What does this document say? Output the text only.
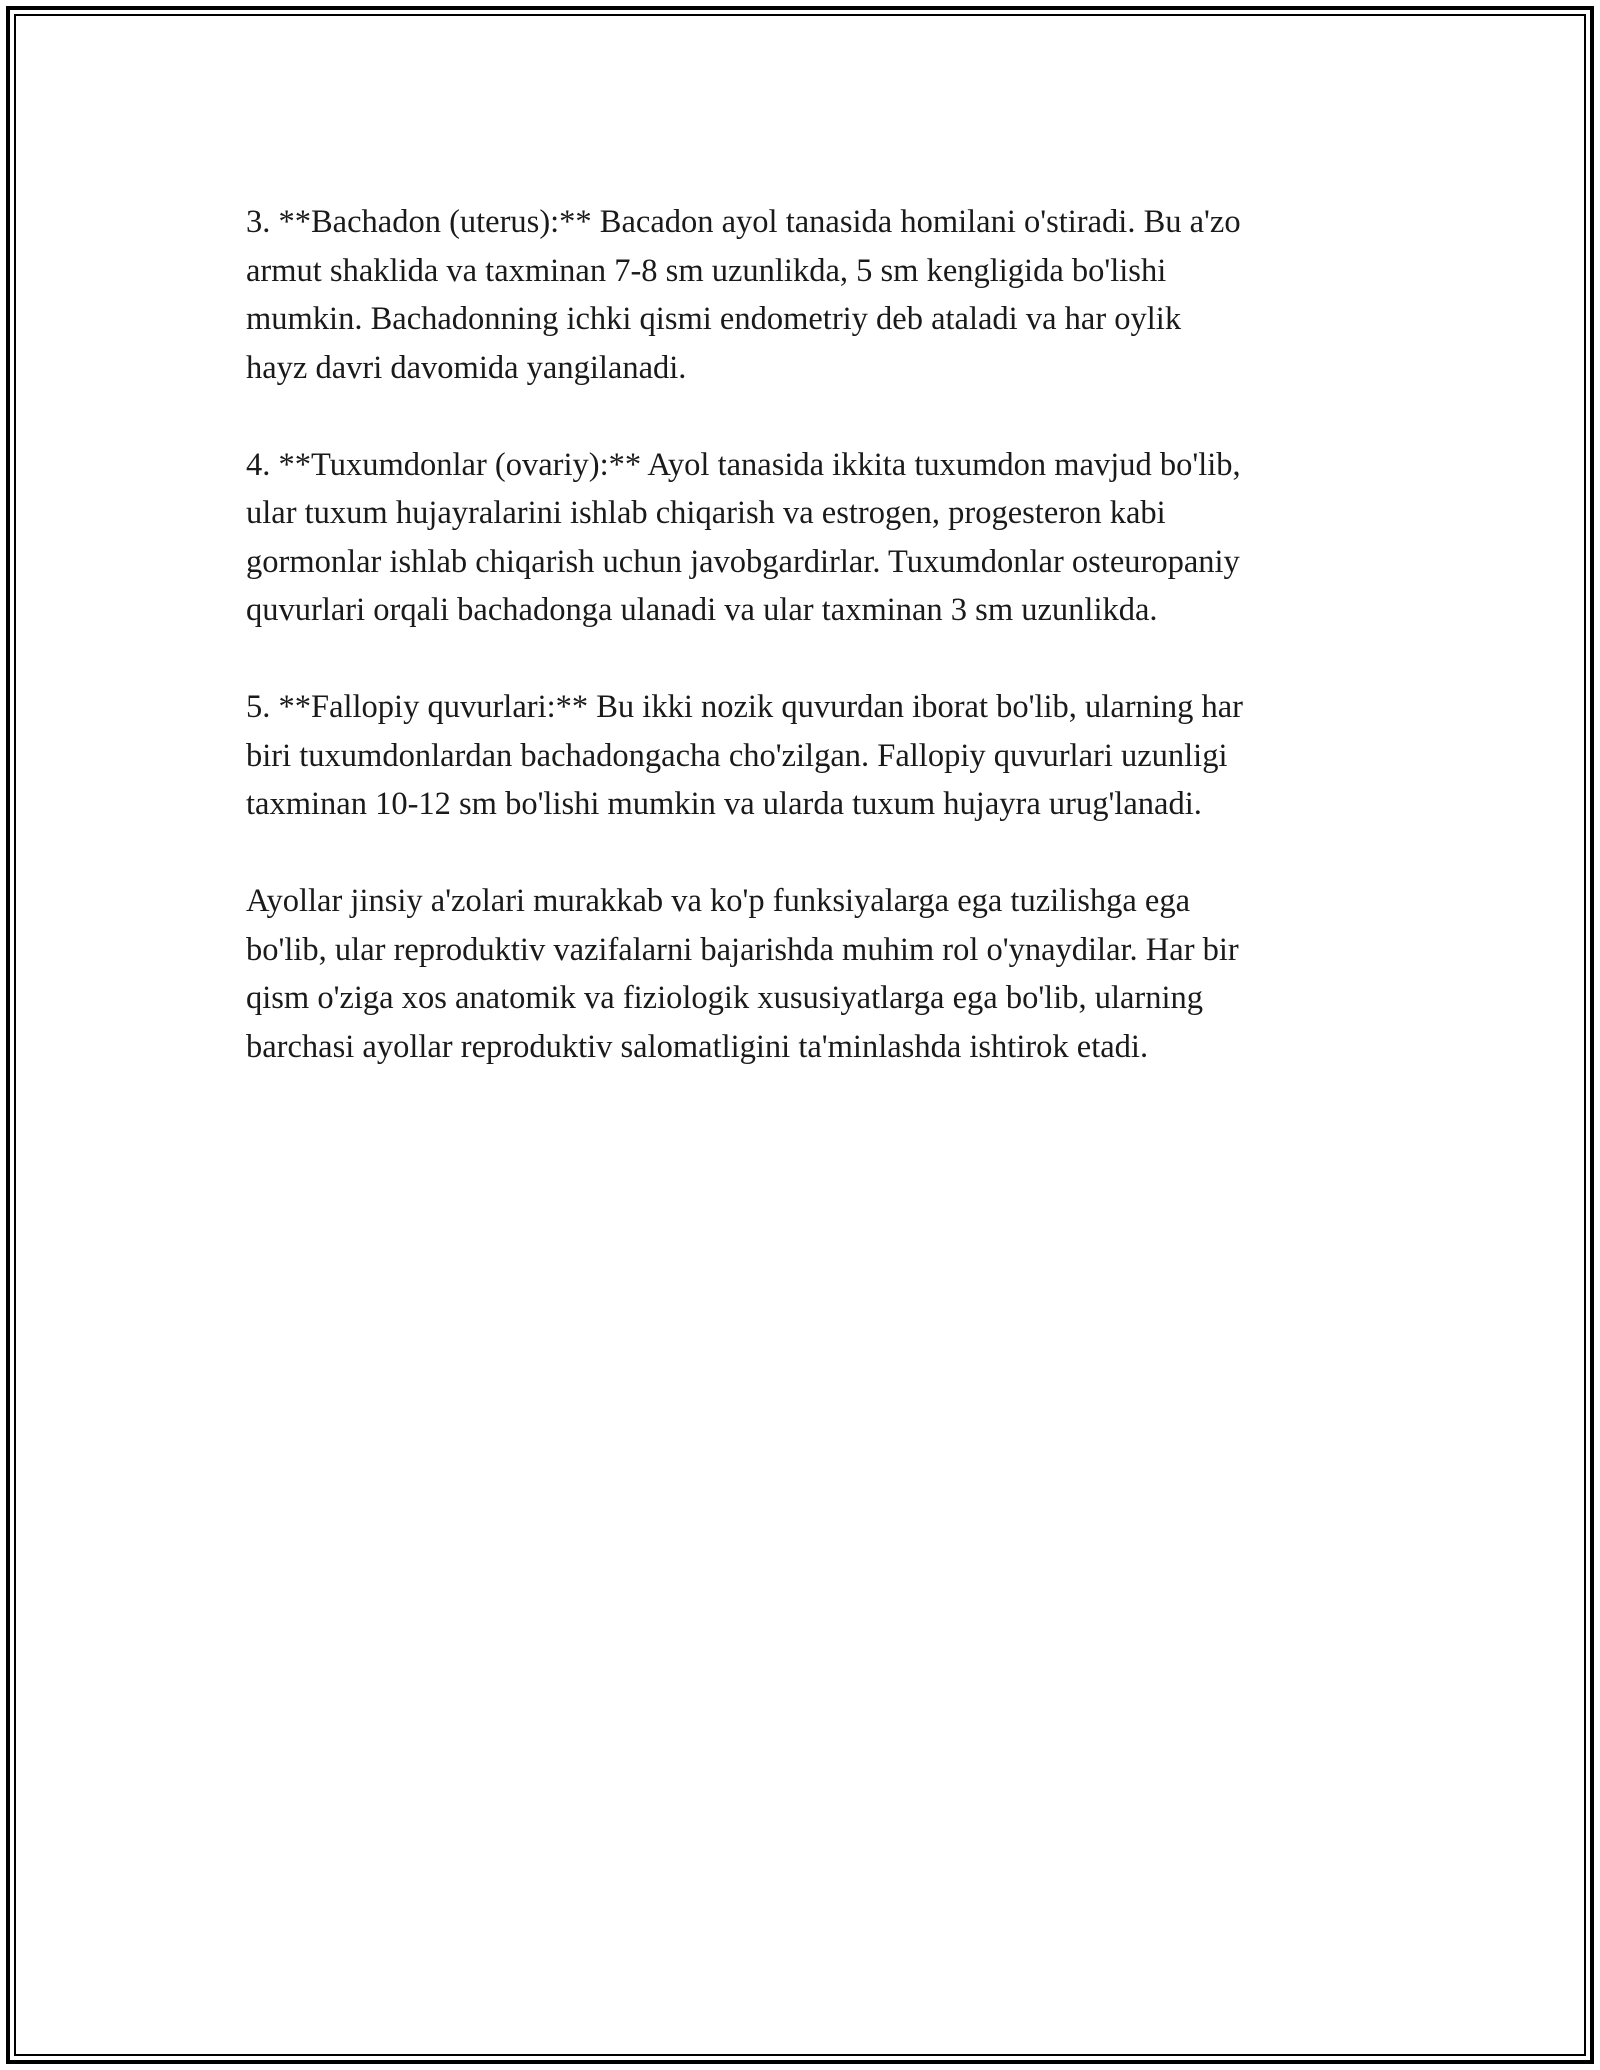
3. **Bachadon (uterus):** Bacadon ayol tanasida homilani o'stiradi. Bu a'zo
armut shaklida va taxminan 7-8 sm uzunlikda, 5 sm kengligida bo'lishi
mumkin. Bachadonning ichki qismi endometriy deb ataladi va har oylik
hayz davri davomida yangilanadi.

4. **Tuxumdonlar (ovariy):** Ayol tanasida ikkita tuxumdon mavjud bo'lib,
ular tuxum hujayralarini ishlab chiqarish va estrogen, progesteron kabi
gormonlar ishlab chiqarish uchun javobgardirlar. Tuxumdonlar osteuropaniy
quvurlari orqali bachadonga ulanadi va ular taxminan 3 sm uzunlikda.

5. **Fallopiy quvurlari:** Bu ikki nozik quvurdan iborat bo'lib, ularning har
biri tuxumdonlardan bachadongacha cho'zilgan. Fallopiy quvurlari uzunligi
taxminan 10-12 sm bo'lishi mumkin va ularda tuxum hujayra urug'lanadi.

Ayollar jinsiy a'zolari murakkab va ko'p funksiyalarga ega tuzilishga ega
bo'lib, ular reproduktiv vazifalarni bajarishda muhim rol o'ynaydilar. Har bir
qism o'ziga xos anatomik va fiziologik xususiyatlarga ega bo'lib, ularning
barchasi ayollar reproduktiv salomatligini ta'minlashda ishtirok etadi.
